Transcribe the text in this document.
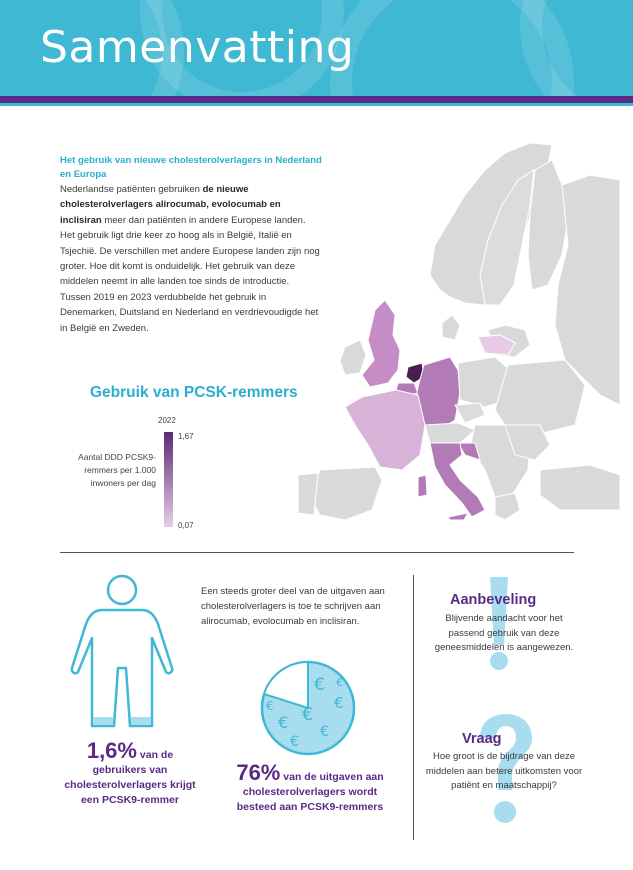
Samenvatting
Het gebruik van nieuwe cholesterolverlagers in Nederland en Europa

Nederlandse patiënten gebruiken de nieuwe cholesterolverlagers alirocumab, evolocumab en inclisiran meer dan patiënten in andere Europese landen. Het gebruik ligt drie keer zo hoog als in België, Italië en Tsjechië. De verschillen met andere Europese landen zijn nog groter. Hoe dit komt is onduidelijk. Het gebruik van deze middelen neemt in alle landen toe sinds de introductie. Tussen 2019 en 2023 verdubbelde het gebruik in Denemarken, Duitsland en Nederland en verdrievoudigde het in België en Zweden.

Gebruik van PCSK-remmers
2022
1,67
0,07
Aantal DDD PCSK9-remmers per 1.000 inwoners per dag
1,6% van de gebruikers van cholesterolverlagers krijgt een PCSK9-remmer
Een steeds groter deel van de uitgaven aan cholesterolverlagers is toe te schrijven aan alirocumab, evolocumab en inclisiran.
€
€
€ €
€
€
€
€
76% van de uitgaven aan cholesterolverlagers wordt besteed aan PCSK9-remmers
Aanbeveling
Blijvende aandacht voor het passend gebruik van deze geneesmiddelen is aangewezen.
Vraag
Hoe groot is de bijdrage van deze middelen aan betere uitkomsten voor patiënt en maatschappij?
